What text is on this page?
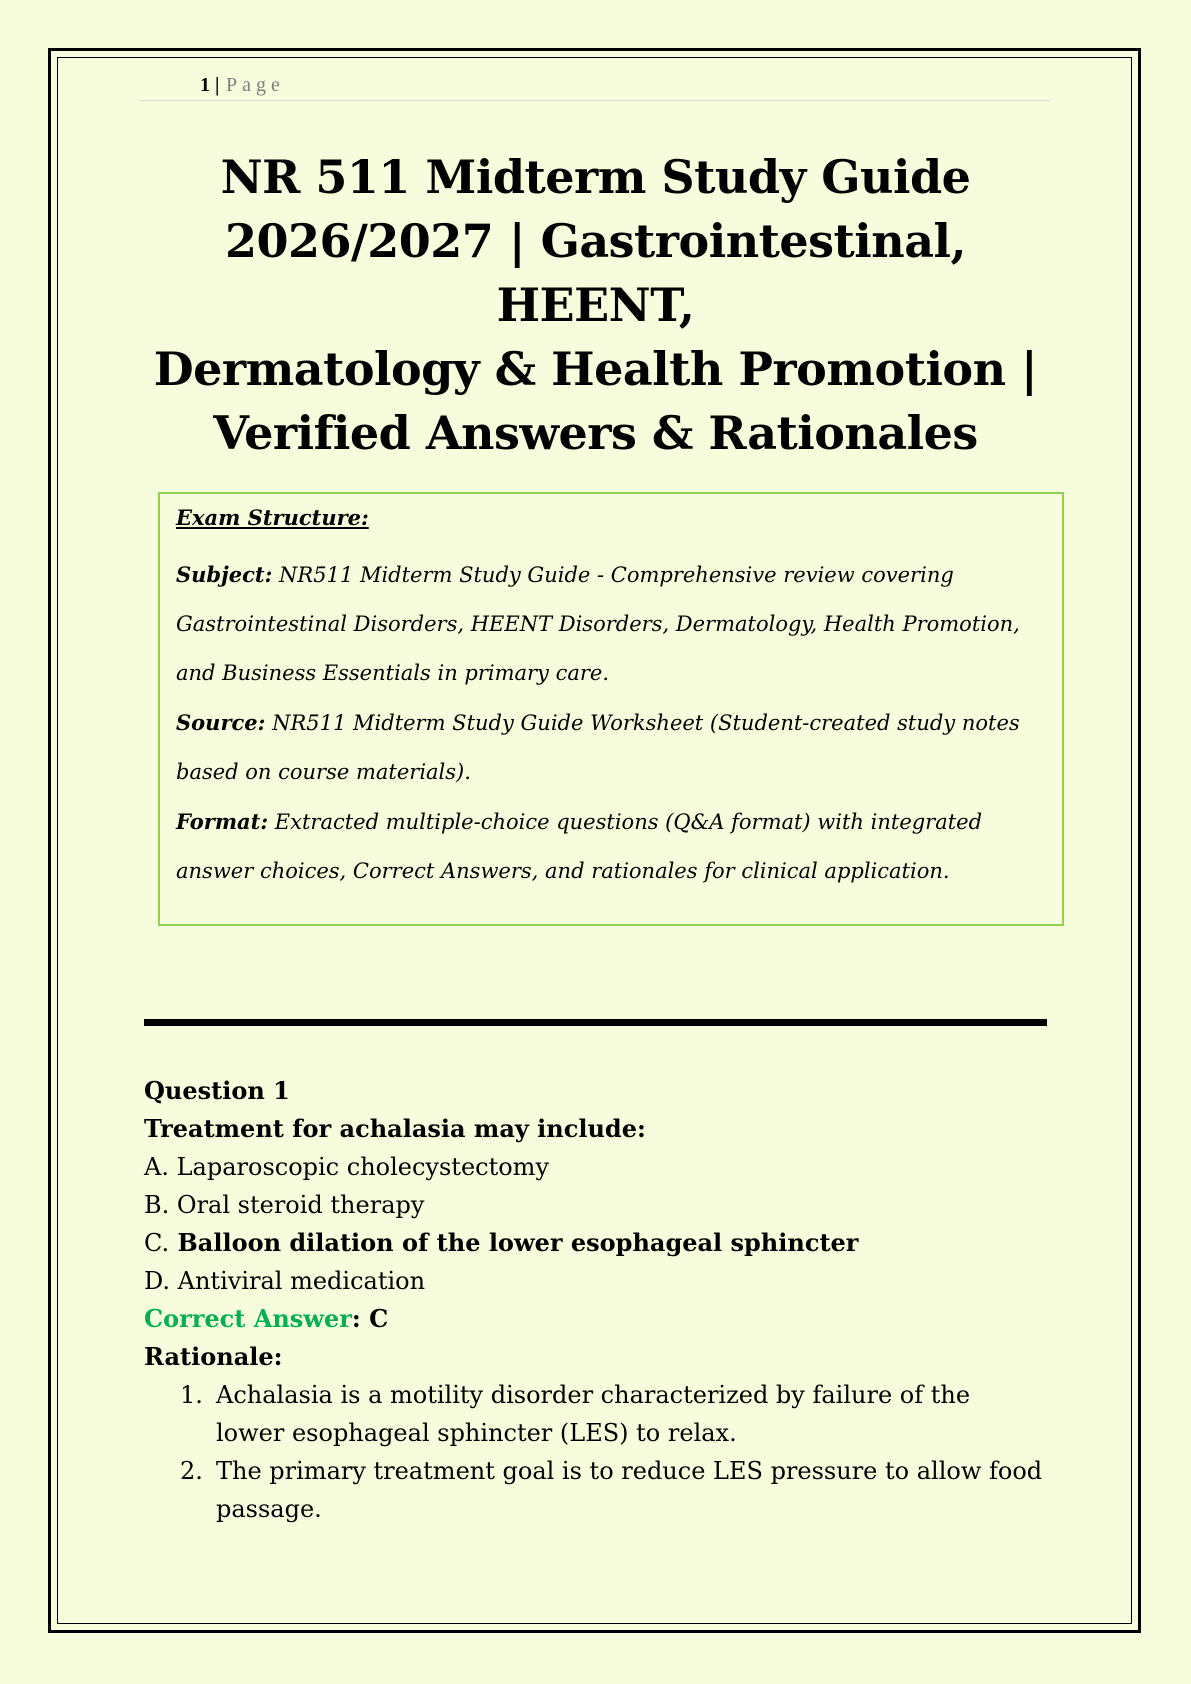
1 | Page
NR 511 Midterm Study Guide
2026/2027 | Gastrointestinal, HEENT,
Dermatology & Health Promotion |
Verified Answers & Rationales
Exam Structure:
Subject: NR511 Midterm Study Guide - Comprehensive review covering Gastrointestinal Disorders, HEENT Disorders, Dermatology, Health Promotion, and Business Essentials in primary care.
Source: NR511 Midterm Study Guide Worksheet (Student-created study notes based on course materials).
Format: Extracted multiple-choice questions (Q&A format) with integrated answer choices, Correct Answers, and rationales for clinical application.
Question 1
Treatment for achalasia may include:
A. Laparoscopic cholecystectomy
B. Oral steroid therapy
C. Balloon dilation of the lower esophageal sphincter
D. Antiviral medication
Correct Answer: C
Rationale:
1. Achalasia is a motility disorder characterized by failure of the lower esophageal sphincter (LES) to relax.
2. The primary treatment goal is to reduce LES pressure to allow food passage.
